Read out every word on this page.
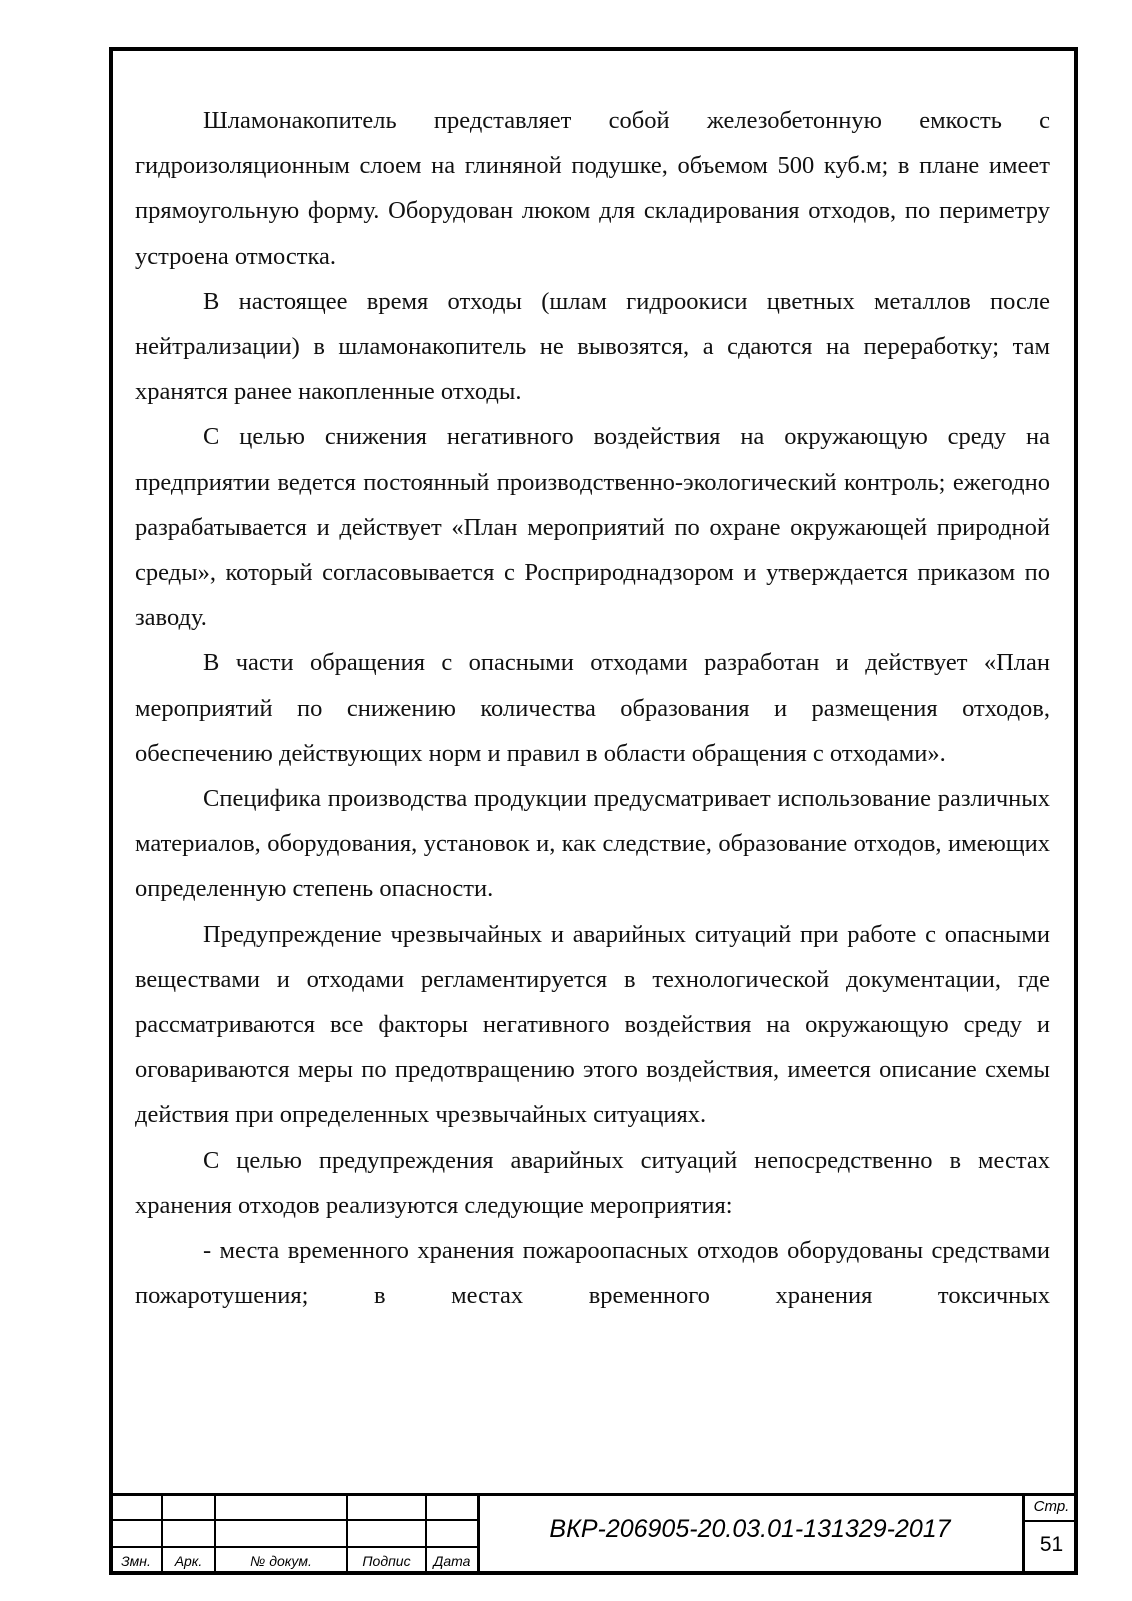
Шламонакопитель представляет собой железобетонную емкость с гидроизоляционным слоем на глиняной подушке, объемом 500 куб.м; в плане имеет прямоугольную форму. Оборудован люком для складирования отходов, по периметру устроена отмостка.

В настоящее время отходы (шлам гидроокиси цветных металлов после нейтрализации) в шламонакопитель не вывозятся, а сдаются на переработку; там хранятся ранее накопленные отходы.

С целью снижения негативного воздействия на окружающую среду на предприятии ведется постоянный производственно-экологический контроль; ежегодно разрабатывается и действует «План мероприятий по охране окружающей природной среды», который согласовывается с Росприроднадзором и утверждается приказом по заводу.

В части обращения с опасными отходами разработан и действует «План мероприятий по снижению количества образования и размещения отходов, обеспечению действующих норм и правил в области обращения с отходами».

Специфика производства продукции предусматривает использование различных материалов, оборудования, установок и, как следствие, образование отходов, имеющих определенную степень опасности.

Предупреждение чрезвычайных и аварийных ситуаций при работе с опасными веществами и отходами регламентируется в технологической документации, где рассматриваются все факторы негативного воздействия на окружающую среду и оговариваются меры по предотвращению этого воздействия, имеется описание схемы действия при определенных чрезвычайных ситуациях.

С целью предупреждения аварийных ситуаций непосредственно в местах хранения отходов реализуются следующие мероприятия:

- места временного хранения пожароопасных отходов оборудованы средствами пожаротушения; в местах временного хранения токсичных

Змн.	Арк.	№ докум.	Подпис	Дата
ВКР-206905-20.03.01-131329-2017
Стр.
51
